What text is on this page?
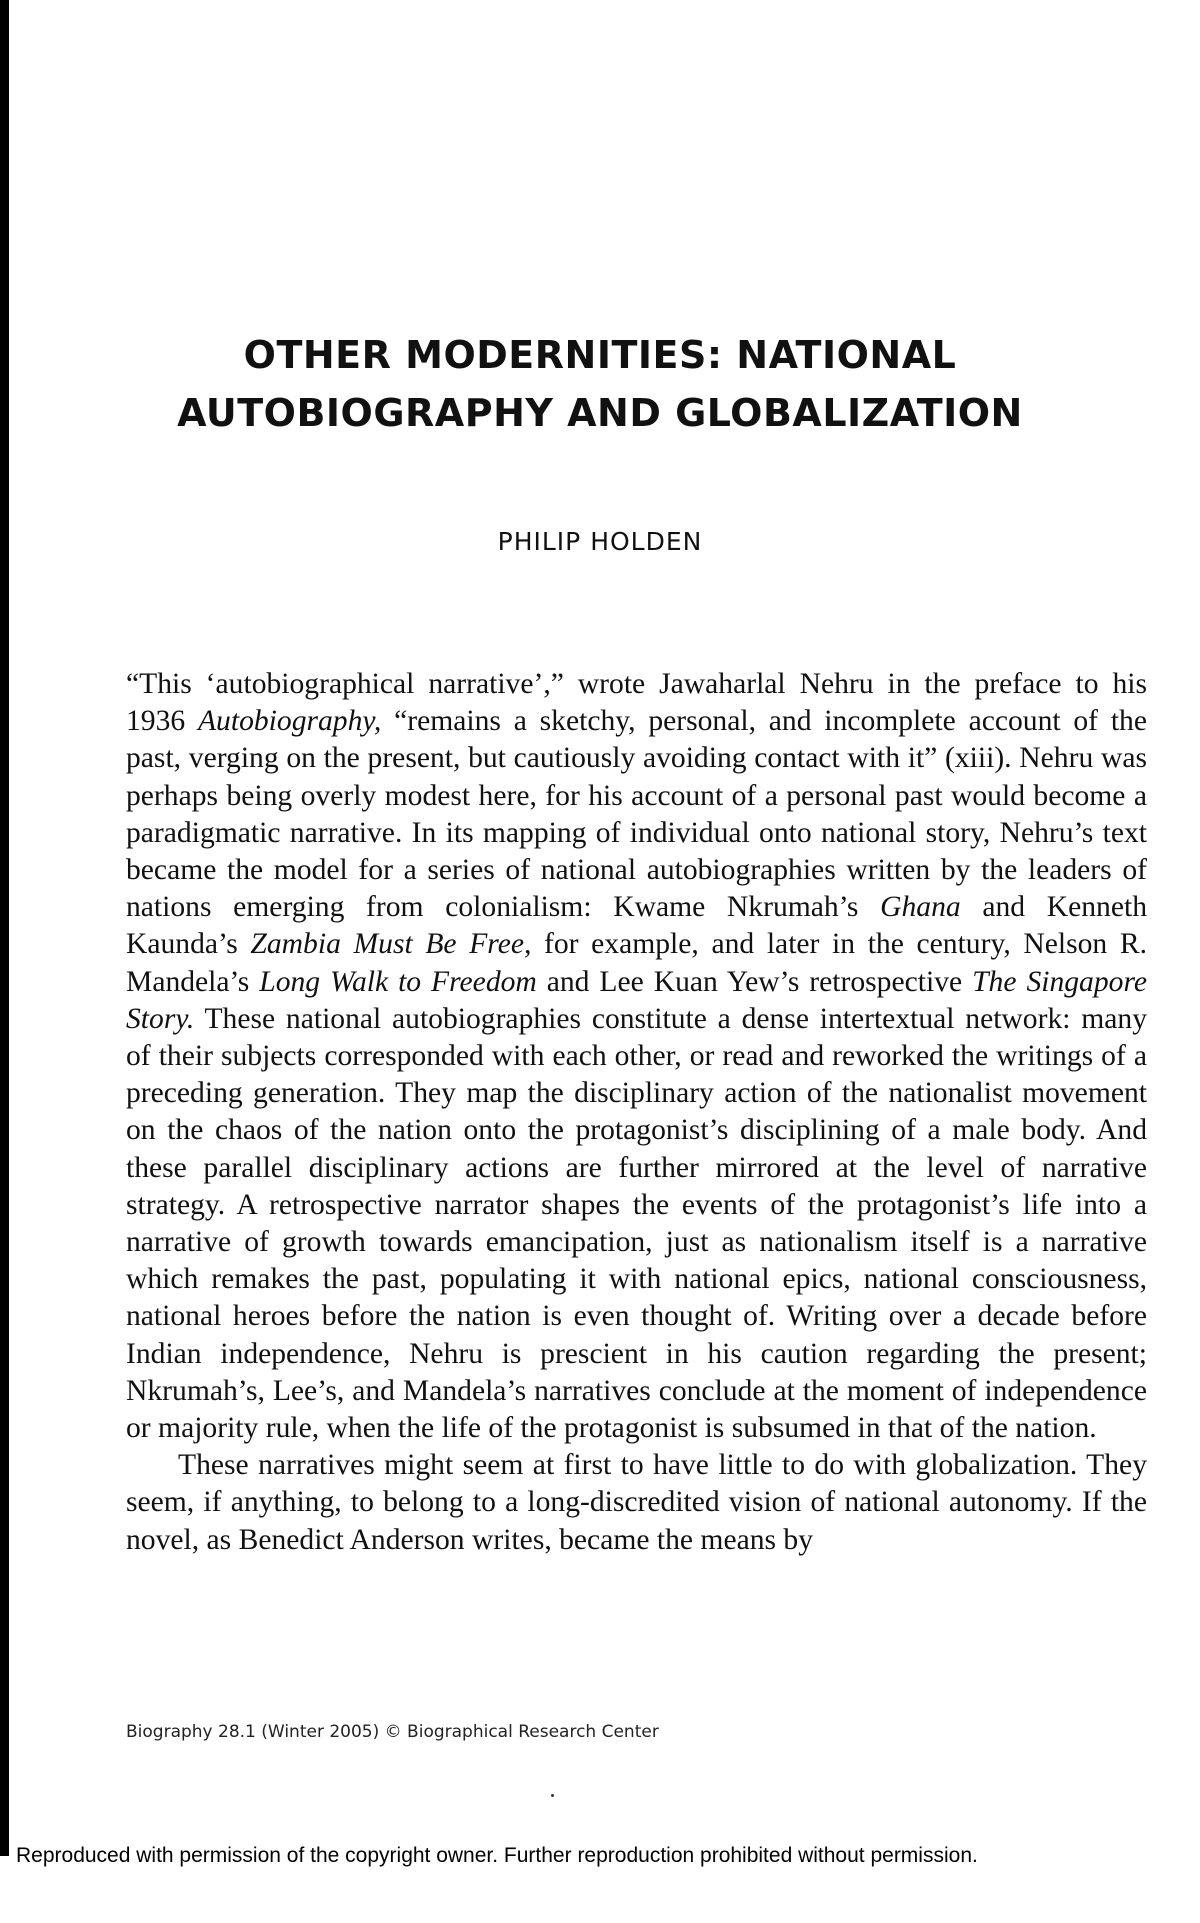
OTHER MODERNITIES: NATIONAL
AUTOBIOGRAPHY AND GLOBALIZATION

PHILIP HOLDEN

“This ‘autobiographical narrative’,” wrote Jawaharlal Nehru in the preface to his 1936 Autobiography, “remains a sketchy, personal, and incomplete account of the past, verging on the present, but cautiously avoiding contact with it” (xiii). Nehru was perhaps being overly modest here, for his account of a personal past would become a paradigmatic narrative. In its mapping of individual onto national story, Nehru’s text became the model for a series of national autobiographies written by the leaders of nations emerging from colonialism: Kwame Nkrumah’s Ghana and Kenneth Kaunda’s Zambia Must Be Free, for example, and later in the century, Nelson R. Mandela’s Long Walk to Freedom and Lee Kuan Yew’s retrospective The Singapore Story. These national autobiographies constitute a dense intertextual network: many of their subjects corresponded with each other, or read and reworked the writings of a preceding generation. They map the disciplinary action of the nationalist movement on the chaos of the nation onto the protagonist’s disciplining of a male body. And these parallel disciplinary actions are further mirrored at the level of narrative strategy. A retrospective narrator shapes the events of the protagonist’s life into a narrative of growth towards emancipation, just as nationalism itself is a narrative which remakes the past, populating it with national epics, national consciousness, national heroes before the nation is even thought of. Writing over a decade before Indian independence, Nehru is prescient in his caution regarding the present; Nkrumah’s, Lee’s, and Mandela’s narratives conclude at the moment of independence or majority rule, when the life of the protagonist is subsumed in that of the nation.

These narratives might seem at first to have little to do with globalization. They seem, if anything, to belong to a long-discredited vision of national autonomy. If the novel, as Benedict Anderson writes, became the means by

Biography 28.1 (Winter 2005) © Biographical Research Center

Reproduced with permission of the copyright owner. Further reproduction prohibited without permission.
